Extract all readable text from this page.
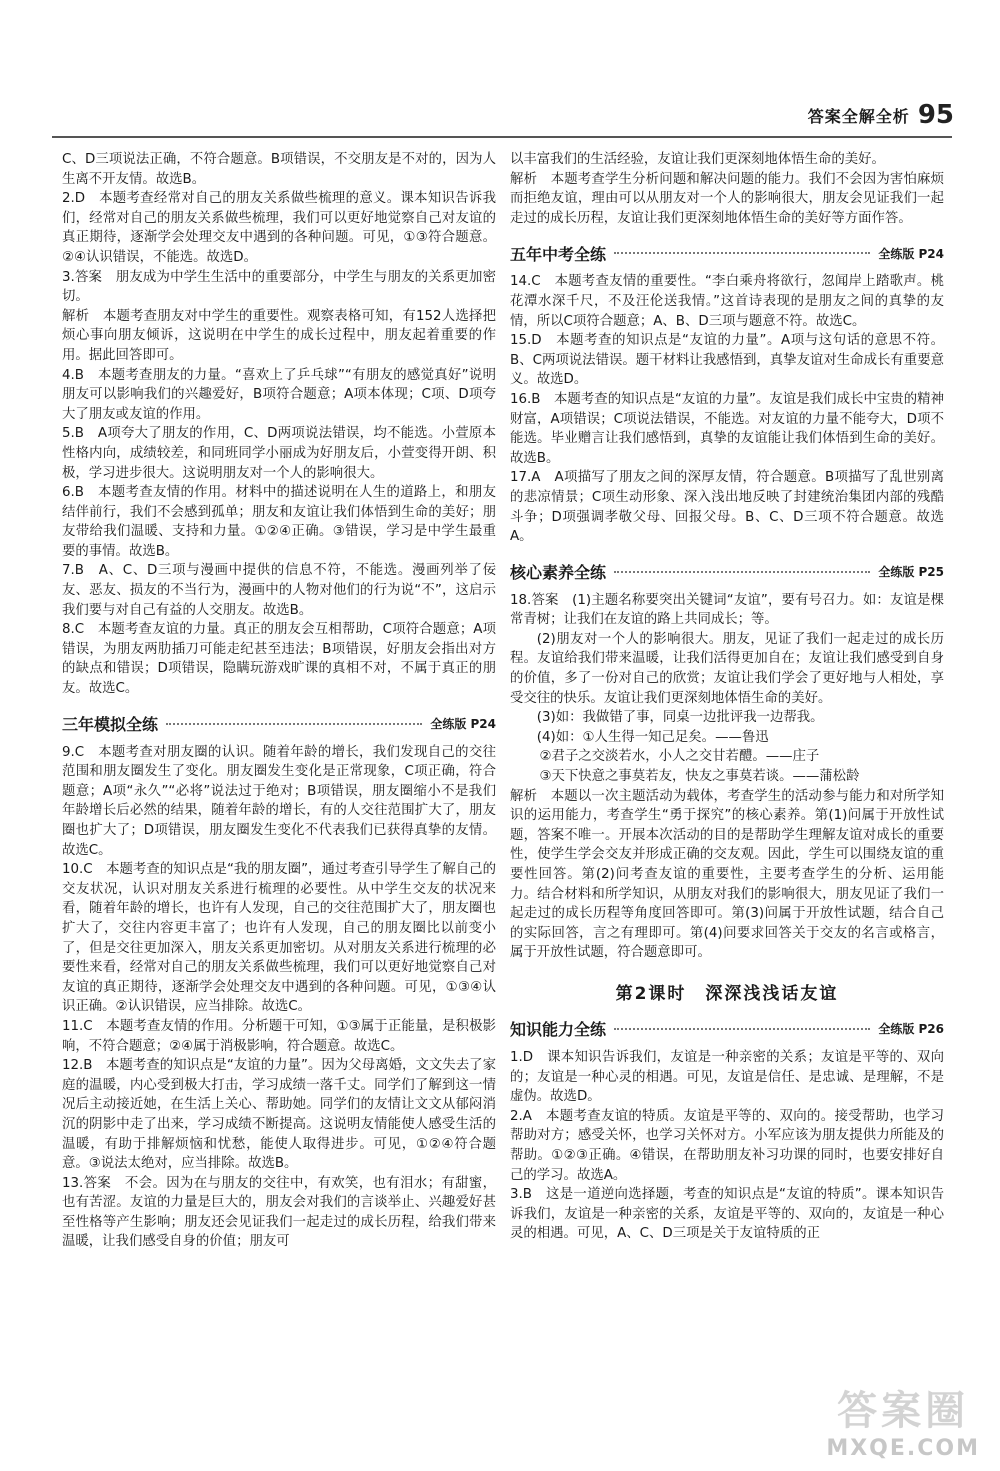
答案全解全析 95

C、D三项说法正确，不符合题意。B项错误，不交朋友是不对的，因为人生离不开友情。故选B。

2.D　本题考查经常对自己的朋友关系做些梳理的意义。课本知识告诉我们，经常对自己的朋友关系做些梳理，我们可以更好地觉察自己对友谊的真正期待，逐渐学会处理交友中遇到的各种问题。可见，①③符合题意。②④认识错误，不能选。故选D。

3.答案　朋友成为中学生生活中的重要部分，中学生与朋友的关系更加密切。

解析　本题考查朋友对中学生的重要性。观察表格可知，有152人选择把烦心事向朋友倾诉，这说明在中学生的成长过程中，朋友起着重要的作用。据此回答即可。

4.B　本题考查朋友的力量。“喜欢上了乒乓球”“有朋友的感觉真好”说明朋友可以影响我们的兴趣爱好，B项符合题意；A项本体现；C项、D项夸大了朋友或友谊的作用。

5.B　A项夸大了朋友的作用，C、D两项说法错误，均不能选。小萱原本性格内向，成绩较差，和同班同学小丽成为好朋友后，小萱变得开朗、积极，学习进步很大。这说明朋友对一个人的影响很大。

6.B　本题考查友情的作用。材料中的描述说明在人生的道路上，和朋友结伴前行，我们不会感到孤单；朋友和友谊让我们体悟到生命的美好；朋友带给我们温暖、支持和力量。①②④正确。③错误，学习是中学生最重要的事情。故选B。

7.B　A、C、D三项与漫画中提供的信息不符，不能选。漫画列举了佞友、恶友、损友的不当行为，漫画中的人物对他们的行为说“不”，这启示我们要与对自己有益的人交朋友。故选B。

8.C　本题考查友谊的力量。真正的朋友会互相帮助，C项符合题意；A项错误，为朋友两肋插刀可能走纪甚至违法；B项错误，好朋友会指出对方的缺点和错误；D项错误，隐瞒玩游戏旷课的真相不对，不属于真正的朋友。故选C。

三年模拟全练	全练版 P24

9.C　本题考查对朋友圈的认识。随着年龄的增长，我们发现自己的交往范围和朋友圈发生了变化。朋友圈发生变化是正常现象，C项正确，符合题意；A项“永久”“必将”说法过于绝对；B项错误，朋友圈缩小不是我们年龄增长后必然的结果，随着年龄的增长，有的人交往范围扩大了，朋友圈也扩大了；D项错误，朋友圈发生变化不代表我们已获得真挚的友情。故选C。

10.C　本题考查的知识点是“我的朋友圈”，通过考查引导学生了解自己的交友状况，认识对朋友关系进行梳理的必要性。从中学生交友的状况来看，随着年龄的增长，也许有人发现，自己的交往范围扩大了，朋友圈也扩大了，交往内容更丰富了；也许有人发现，自己的朋友圈比以前变小了，但是交往更加深入，朋友关系更加密切。从对朋友关系进行梳理的必要性来看，经常对自己的朋友关系做些梳理，我们可以更好地觉察自己对友谊的真正期待，逐渐学会处理交友中遇到的各种问题。可见，①③④认识正确。②认识错误，应当排除。故选C。

11.C　本题考查友情的作用。分析题干可知，①③属于正能量，是积极影响，不符合题意；②④属于消极影响，符合题意。故选C。

12.B　本题考查的知识点是“友谊的力量”。因为父母离婚，文文失去了家庭的温暖，内心受到极大打击，学习成绩一落千丈。同学们了解到这一情况后主动接近她，在生活上关心、帮助她。同学们的友情让文文从郁闷消沉的阴影中走了出来，学习成绩不断提高。这说明友情能使人感受生活的温暖，有助于排解烦恼和忧愁，能使人取得进步。可见，①②④符合题意。③说法太绝对，应当排除。故选B。

13.答案　不会。因为在与朋友的交往中，有欢笑，也有泪水；有甜蜜，也有苦涩。友谊的力量是巨大的，朋友会对我们的言谈举止、兴趣爱好甚至性格等产生影响；朋友还会见证我们一起走过的成长历程，给我们带来温暖，让我们感受自身的价值；朋友可

以丰富我们的生活经验，友谊让我们更深刻地体悟生命的美好。

解析　本题考查学生分析问题和解决问题的能力。我们不会因为害怕麻烦而拒绝友谊，理由可以从朋友对一个人的影响很大，朋友会见证我们一起走过的成长历程，友谊让我们更深刻地体悟生命的美好等方面作答。

五年中考全练	全练版 P24

14.C　本题考查友情的重要性。“李白乘舟将欲行，忽闻岸上踏歌声。桃花潭水深千尺，不及汪伦送我情。”这首诗表现的是朋友之间的真挚的友情，所以C项符合题意；A、B、D三项与题意不符。故选C。

15.D　本题考查的知识点是“友谊的力量”。A项与这句话的意思不符。B、C两项说法错误。题干材料让我感悟到，真挚友谊对生命成长有重要意义。故选D。

16.B　本题考查的知识点是“友谊的力量”。友谊是我们成长中宝贵的精神财富，A项错误；C项说法错误，不能选。对友谊的力量不能夸大，D项不能选。毕业赠言让我们感悟到，真挚的友谊能让我们体悟到生命的美好。故选B。

17.A　A项描写了朋友之间的深厚友情，符合题意。B项描写了乱世别离的悲凉情景；C项生动形象、深入浅出地反映了封建统治集团内部的残酷斗争；D项强调孝敬父母、回报父母。B、C、D三项不符合题意。故选A。

核心素养全练	全练版 P25

18.答案　(1)主题名称要突出关键词“友谊”，要有号召力。如：友谊是棵常青树；让我们在友谊的路上共同成长；等。

(2)朋友对一个人的影响很大。朋友，见证了我们一起走过的成长历程。友谊给我们带来温暖，让我们活得更加自在；友谊让我们感受到自身的价值，多了一份对自己的欣赏；友谊让我们学会了更好地与人相处，享受交往的快乐。友谊让我们更深刻地体悟生命的美好。

(3)如：我做错了事，同桌一边批评我一边帮我。

(4)如：①人生得一知己足矣。——鲁迅

②君子之交淡若水，小人之交甘若醴。——庄子

③天下快意之事莫若友，快友之事莫若谈。——蒲松龄

解析　本题以一次主题活动为载体，考查学生的活动参与能力和对所学知识的运用能力，考查学生“勇于探究”的核心素养。第(1)问属于开放性试题，答案不唯一。开展本次活动的目的是帮助学生理解友谊对成长的重要性，使学生学会交友并形成正确的交友观。因此，学生可以围绕友谊的重要性回答。第(2)问考查友谊的重要性，主要考查学生的分析、运用能力。结合材料和所学知识，从朋友对我们的影响很大，朋友见证了我们一起走过的成长历程等角度回答即可。第(3)问属于开放性试题，结合自己的实际回答，言之有理即可。第(4)问要求回答关于交友的名言或格言，属于开放性试题，符合题意即可。

第2课时　深深浅浅话友谊
知识能力全练	全练版 P26

1.D　课本知识告诉我们，友谊是一种亲密的关系；友谊是平等的、双向的；友谊是一种心灵的相遇。可见，友谊是信任、是忠诚、是理解，不是虚伪。故选D。

2.A　本题考查友谊的特质。友谊是平等的、双向的。接受帮助，也学习帮助对方；感受关怀，也学习关怀对方。小军应该为朋友提供力所能及的帮助。①②③正确。④错误，在帮助朋友补习功课的同时，也要安排好自己的学习。故选A。

3.B　这是一道逆向选择题，考查的知识点是“友谊的特质”。课本知识告诉我们，友谊是一种亲密的关系，友谊是平等的、双向的，友谊是一种心灵的相遇。可见，A、C、D三项是关于友谊特质的正

答案圈
MXQE.COM
